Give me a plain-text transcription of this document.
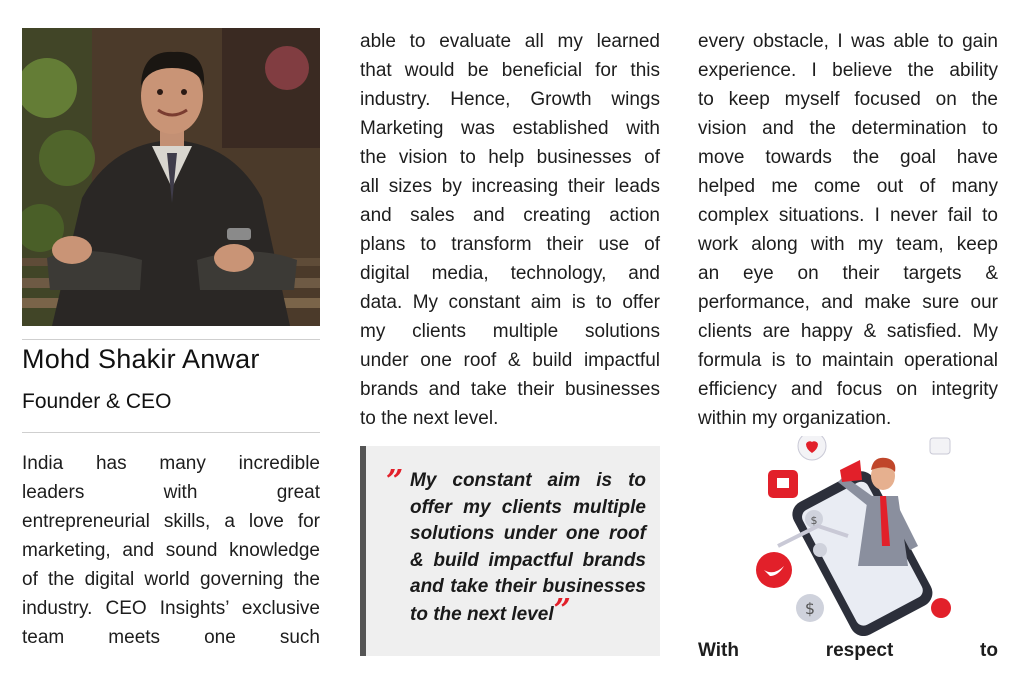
Mohd Shakir Anwar
Founder & CEO
India has many incredible
leaders with great
entrepreneurial skills, a love for
marketing, and sound knowledge
of the digital world governing the
industry. CEO Insights’ exclusive
team meets one such
able to evaluate all my learned
that would be beneficial for this
industry. Hence, Growth wings
Marketing was established with
the vision to help businesses of
all sizes by increasing their leads
and sales and creating action
plans to transform their use of
digital media, technology, and
data. My constant aim is to offer
my clients multiple solutions
under one roof & build impactful
brands and take their businesses
to the next level.
” My constant aim is to
offer my clients multiple
solutions under one roof
& build impactful brands
and take their businesses
to the next level”
every obstacle, I was able to gain
experience. I believe the ability
to keep myself focused on the
vision and the determination to
move towards the goal have
helped me come out of many
complex situations. I never fail to
work along with my team, keep
an eye on their targets &
performance, and make sure our
clients are happy & satisfied. My
formula is to maintain operational
efficiency and focus on integrity
within my organization.
$
$
With respect to
